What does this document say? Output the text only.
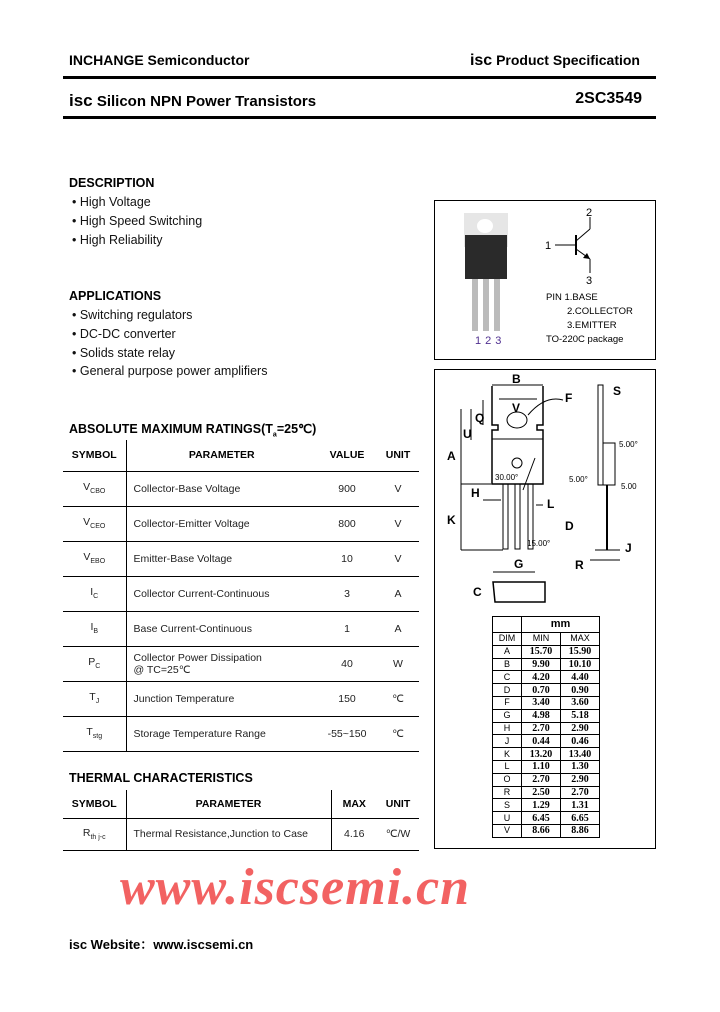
INCHANGE Semiconductor	isc Product Specification
isc Silicon NPN Power Transistors	2SC3549
DESCRIPTION
• High Voltage
• High Speed Switching
• High Reliability
APPLICATIONS
• Switching regulators
• DC-DC converter
• Solids state relay
• General purpose power amplifiers
123
1
2
3
PIN 1.BASE
2.COLLECTOR
3.EMITTER
TO-220C package
B
V
F	S
Q
U
A
H
L
K	D
G
J
R
C
30.00°
15.00°
5.00°
5.00°
5.00
	mm	
DIM	MIN	MAX
A	15.70	15.90
B	9.90	10.10
C	4.20	4.40
D	0.70	0.90
F	3.40	3.60
G	4.98	5.18
H	2.70	2.90
J	0.44	0.46
K	13.20	13.40
L	1.10	1.30
O	2.70	2.90
R	2.50	2.70
S	1.29	1.31
U	6.45	6.65
V	8.66	8.86
ABSOLUTE MAXIMUM $RATINGS(T_a=25℃)$
SYMBOL	PARAMETER	VALUE	UNIT
$V_{CBO}$	Collector-Base Voltage	900	V
$V_{CEO}$	Collector-Emitter Voltage	800	V
$V_{EBO}$	Emitter-Base Voltage	10	V
$I_C$	Collector Current-Continuous	3	A
$I_B$	Base Current-Continuous	1	A
$P_C$	Collector Power Dissipation
@ TC=25℃	40	W
$T_J$	Junction Temperature	150	℃
$T_{stg}$	Storage Temperature Range	-55~150	℃
THERMAL CHARACTERISTICS
SYMBOL	PARAMETER	MAX	UNIT
$R_{th j-c}$	Thermal Resistance,Junction to Case	4.16	℃/W
www.iscsemi.cn
isc Website：www.iscsemi.cn
